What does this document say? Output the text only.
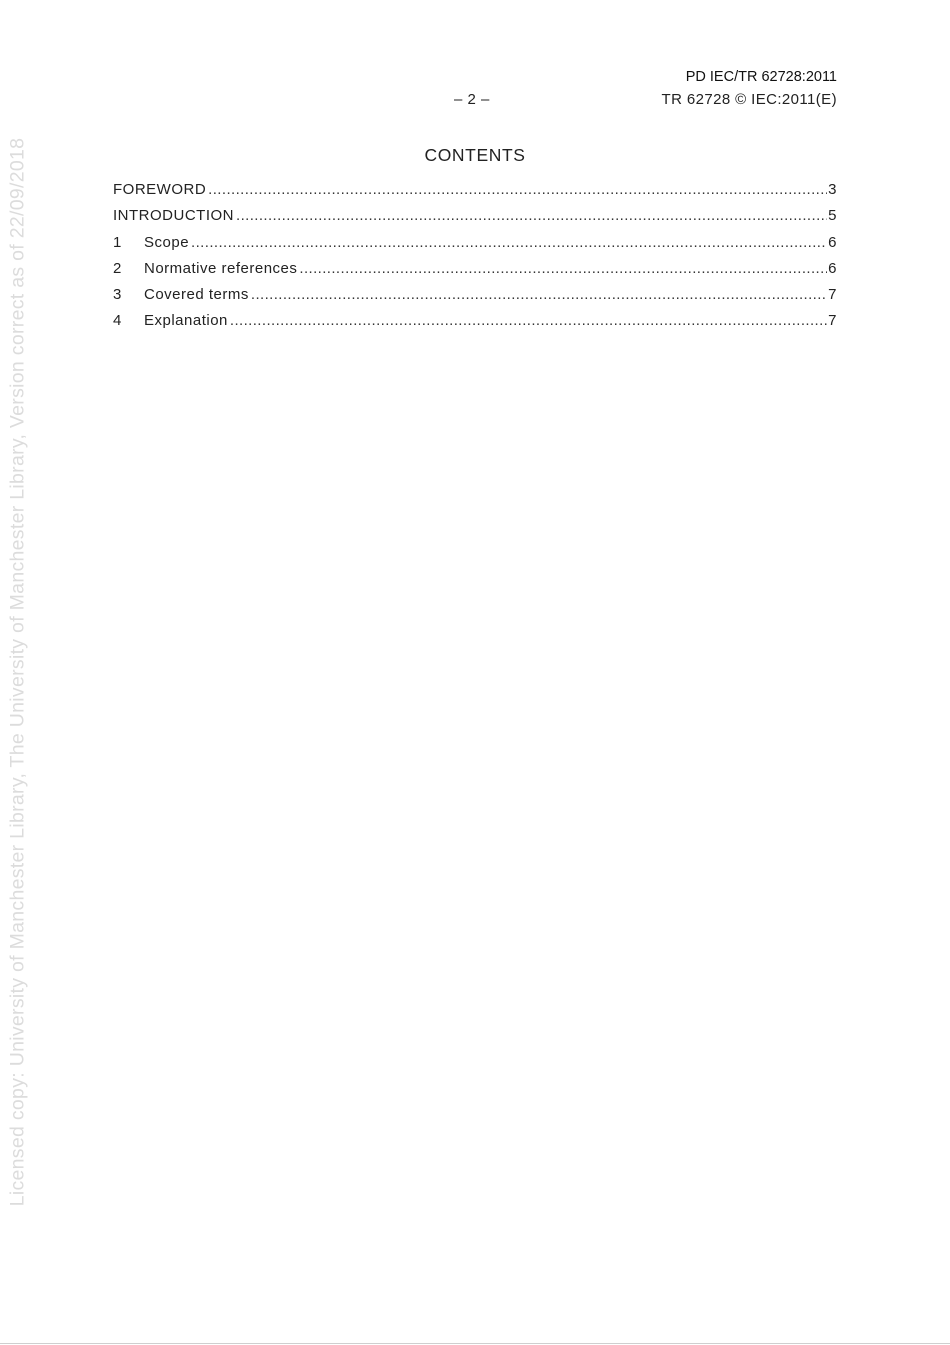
Licensed copy: University of Manchester Library, The University of Manchester Library, Version correct as of 22/09/2018
PD IEC/TR 62728:2011
– 2 –	TR 62728 © IEC:2011(E)
CONTENTS
FOREWORD .....	3
INTRODUCTION .....	5
1	Scope .....	6
2	Normative references .....	6
3	Covered terms .....	7
4	Explanation .....	7
